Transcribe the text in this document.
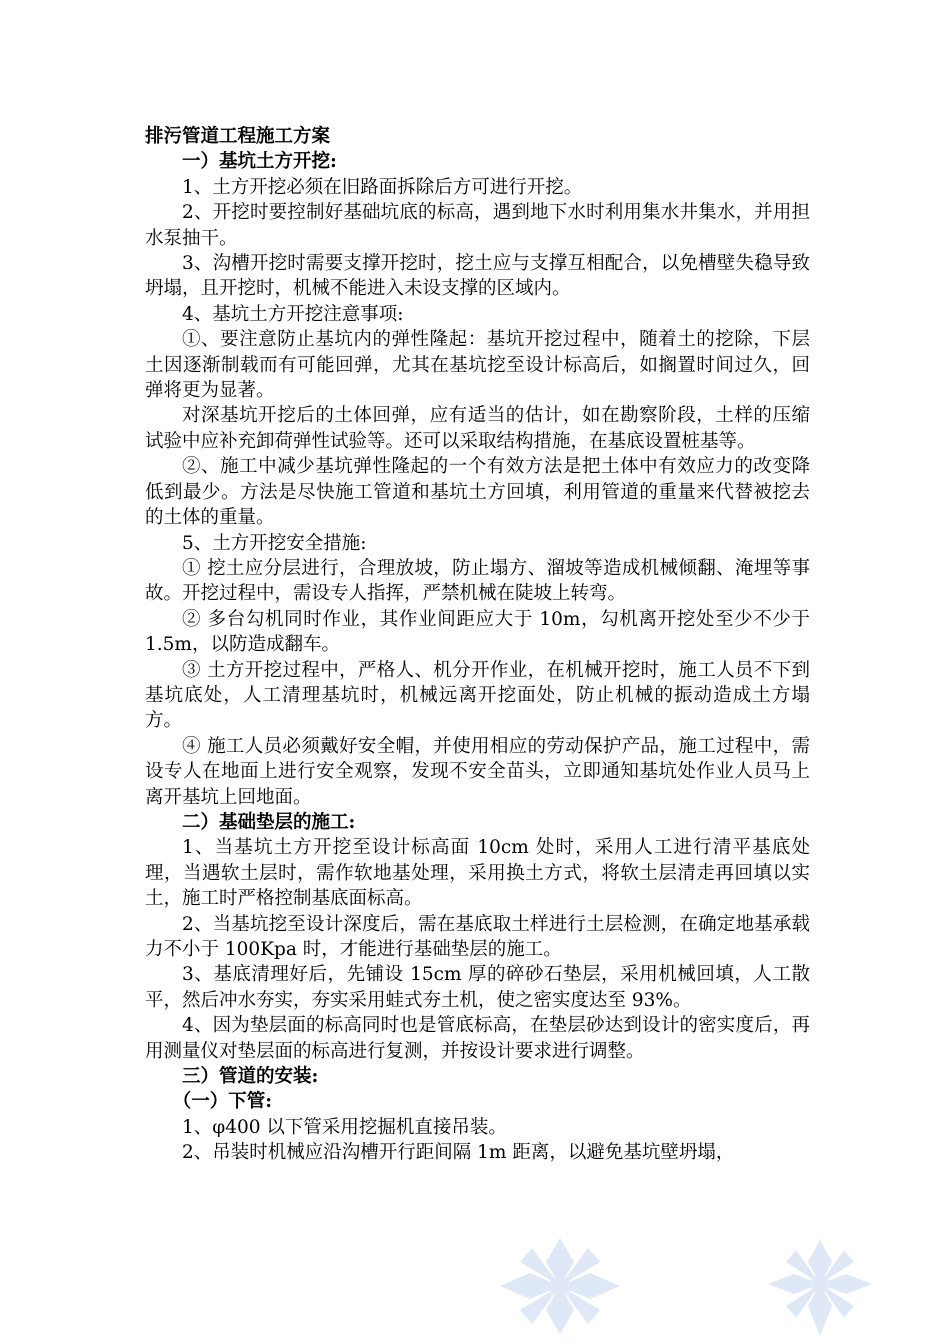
排污管道工程施工方案

一）基坑土方开挖:

1、土方开挖必须在旧路面拆除后方可进行开挖。

2、开挖时要控制好基础坑底的标高，遇到地下水时利用集水井集水，并用担水泵抽干。

3、沟槽开挖时需要支撑开挖时，挖土应与支撑互相配合，以免槽壁失稳导致坍塌，且开挖时，机械不能进入未设支撑的区域内。

4、基坑土方开挖注意事项:

①、要注意防止基坑内的弹性隆起：基坑开挖过程中，随着土的挖除，下层土因逐渐制载而有可能回弹，尤其在基坑挖至设计标高后，如搁置时间过久，回弹将更为显著。

对深基坑开挖后的土体回弹，应有适当的估计，如在勘察阶段，土样的压缩试验中应补充卸荷弹性试验等。还可以采取结构措施，在基底设置桩基等。

②、施工中减少基坑弹性隆起的一个有效方法是把土体中有效应力的改变降低到最少。方法是尽快施工管道和基坑土方回填，利用管道的重量来代替被挖去的土体的重量。

5、土方开挖安全措施:

① 挖土应分层进行，合理放坡，防止塌方、溜坡等造成机械倾翻、淹埋等事故。开挖过程中，需设专人指挥，严禁机械在陡坡上转弯。

② 多台勾机同时作业，其作业间距应大于 10m，勾机离开挖处至少不少于 1.5m，以防造成翻车。

③ 土方开挖过程中，严格人、机分开作业，在机械开挖时，施工人员不下到基坑底处，人工清理基坑时，机械远离开挖面处，防止机械的振动造成土方塌方。

④ 施工人员必须戴好安全帽，并使用相应的劳动保护产品，施工过程中，需设专人在地面上进行安全观察，发现不安全苗头，立即通知基坑处作业人员马上离开基坑上回地面。

二）基础垫层的施工:

1、当基坑土方开挖至设计标高面 10cm 处时，采用人工进行清平基底处理，当遇软土层时，需作软地基处理，采用换土方式，将软土层清走再回填以实土，施工时严格控制基底面标高。

2、当基坑挖至设计深度后，需在基底取土样进行土层检测，在确定地基承载力不小于 100Kpa 时，才能进行基础垫层的施工。

3、基底清理好后，先铺设 15cm 厚的碎砂石垫层，采用机械回填，人工散平，然后冲水夯实，夯实采用蛙式夯土机，使之密实度达至 93%。

4、因为垫层面的标高同时也是管底标高，在垫层砂达到设计的密实度后，再用测量仪对垫层面的标高进行复测，并按设计要求进行调整。

三）管道的安装:

（一）下管:

1、φ400 以下管采用挖掘机直接吊装。

2、吊装时机械应沿沟槽开行距间隔 1m 距离，以避免基坑壁坍塌，
